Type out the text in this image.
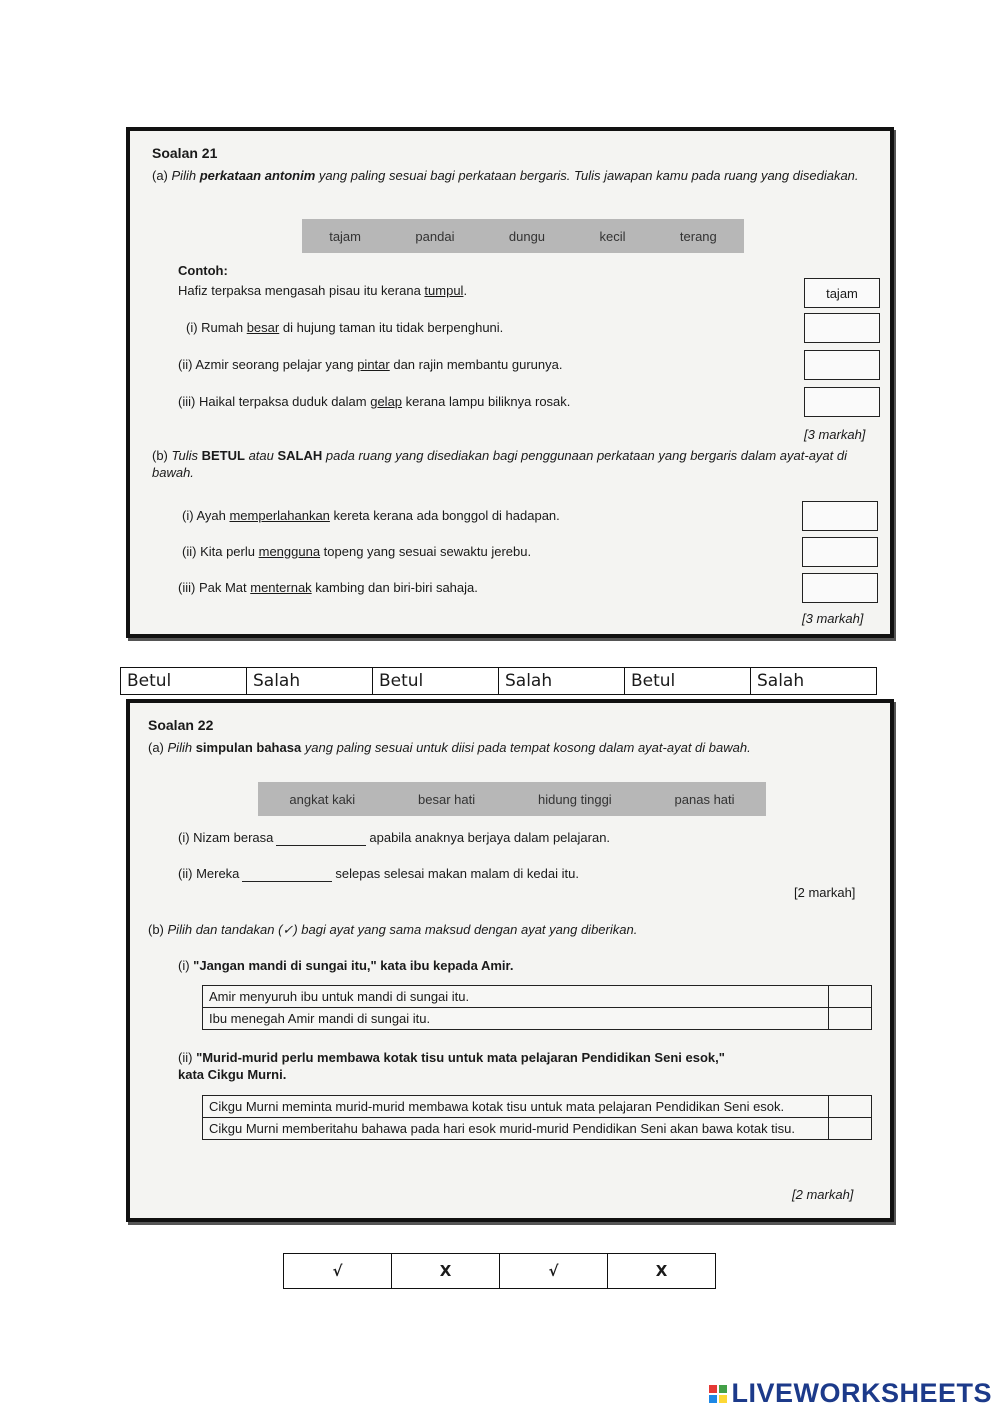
Soalan 21
(a) Pilih perkataan antonim yang paling sesuai bagi perkataan bergaris. Tulis jawapan kamu pada ruang yang disediakan.
tajam	pandai	dungu	kecil	terang
Contoh:
Hafiz terpaksa mengasah pisau itu kerana tumpul.	tajam
(i) Rumah besar di hujung taman itu tidak berpenghuni.
(ii) Azmir seorang pelajar yang pintar dan rajin membantu gurunya.
(iii) Haikal terpaksa duduk dalam gelap kerana lampu biliknya rosak.
[3 markah]
(b) Tulis BETUL atau SALAH pada ruang yang disediakan bagi penggunaan perkataan yang bergaris dalam ayat-ayat di bawah.
(i) Ayah memperlahankan kereta kerana ada bonggol di hadapan.
(ii) Kita perlu mengguna topeng yang sesuai sewaktu jerebu.
(iii) Pak Mat menternak kambing dan biri-biri sahaja.
[3 markah]
Betul	Salah	Betul	Salah	Betul	Salah
Soalan 22
(a) Pilih simpulan bahasa yang paling sesuai untuk diisi pada tempat kosong dalam ayat-ayat di bawah.
angkat kaki	besar hati	hidung tinggi	panas hati
(i) Nizam berasa	apabila anaknya berjaya dalam pelajaran.
(ii) Mereka	selepas selesai makan malam di kedai itu.
[2 markah]
(b) Pilih dan tandakan (✓) bagi ayat yang sama maksud dengan ayat yang diberikan.
(i) "Jangan mandi di sungai itu," kata ibu kepada Amir.
Amir menyuruh ibu untuk mandi di sungai itu.	
Ibu menegah Amir mandi di sungai itu.	
(ii) "Murid-murid perlu membawa kotak tisu untuk mata pelajaran Pendidikan Seni esok," kata Cikgu Murni.
Cikgu Murni meminta murid-murid membawa kotak tisu untuk mata pelajaran Pendidikan Seni esok.	
Cikgu Murni memberitahu bahawa pada hari esok murid-murid Pendidikan Seni akan bawa kotak tisu.	
[2 markah]
√	X	√	X
LIVEWORKSHEETS
